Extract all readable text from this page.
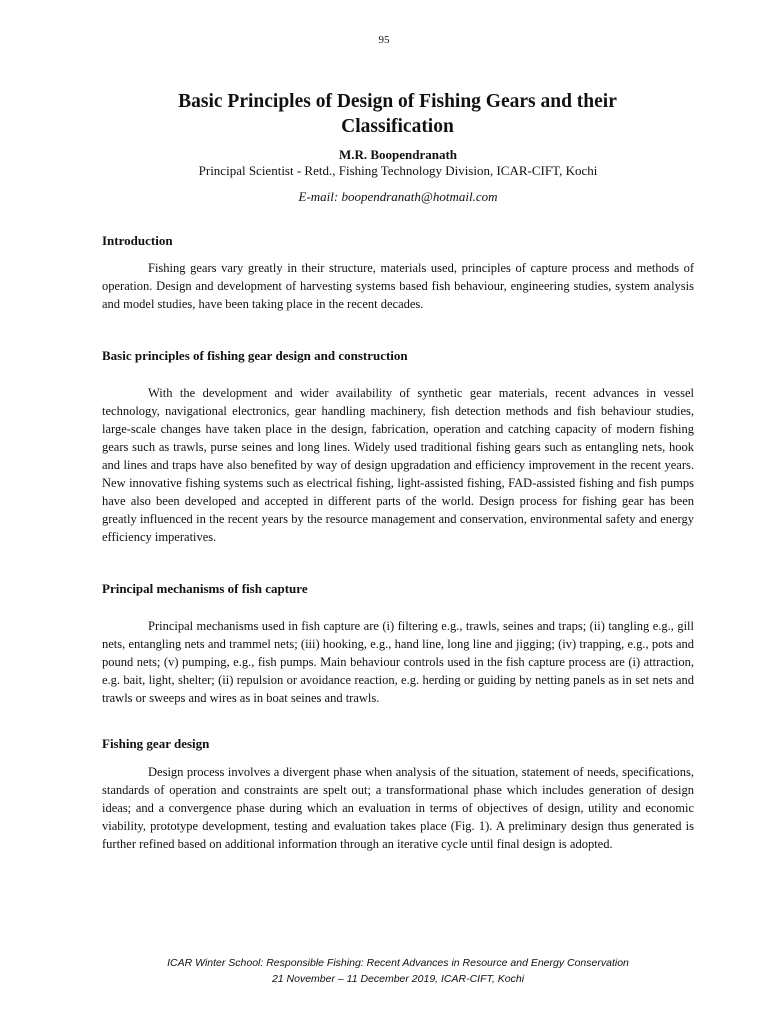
95
Basic Principles of Design of Fishing Gears and their Classification
M.R. Boopendranath
Principal Scientist - Retd., Fishing Technology Division, ICAR-CIFT, Kochi
E-mail: boopendranath@hotmail.com
Introduction

Fishing gears vary greatly in their structure, materials used, principles of capture process and methods of operation. Design and development of harvesting systems based fish behaviour, engineering studies, system analysis and model studies, have been taking place in the recent decades.

Basic principles of fishing gear design and construction

With the development and wider availability of synthetic gear materials, recent advances in vessel technology, navigational electronics, gear handling machinery, fish detection methods and fish behaviour studies, large-scale changes have taken place in the design, fabrication, operation and catching capacity of modern fishing gears such as trawls, purse seines and long lines. Widely used traditional fishing gears such as entangling nets, hook and lines and traps have also benefited by way of design upgradation and efficiency improvement in the recent years. New innovative fishing systems such as electrical fishing, light-assisted fishing, FAD-assisted fishing and fish pumps have also been developed and accepted in different parts of the world. Design process for fishing gear has been greatly influenced in the recent years by the resource management and conservation, environmental safety and energy efficiency imperatives.

Principal mechanisms of fish capture

Principal mechanisms used in fish capture are (i) filtering e.g., trawls, seines and traps; (ii) tangling e.g., gill nets, entangling nets and trammel nets; (iii) hooking, e.g., hand line, long line and jigging; (iv) trapping, e.g., pots and pound nets; (v) pumping, e.g., fish pumps. Main behaviour controls used in the fish capture process are (i) attraction, e.g. bait, light, shelter; (ii) repulsion or avoidance reaction, e.g. herding or guiding by netting panels as in set nets and trawls or sweeps and wires as in boat seines and trawls.

Fishing gear design

Design process involves a divergent phase when analysis of the situation, statement of needs, specifications, standards of operation and constraints are spelt out; a transformational phase which includes generation of design ideas; and a convergence phase during which an evaluation in terms of objectives of design, utility and economic viability, prototype development, testing and evaluation takes place (Fig. 1). A preliminary design thus generated is further refined based on additional information through an iterative cycle until final design is adopted.

ICAR Winter School: Responsible Fishing: Recent Advances in Resource and Energy Conservation
21 November – 11 December 2019, ICAR-CIFT, Kochi
